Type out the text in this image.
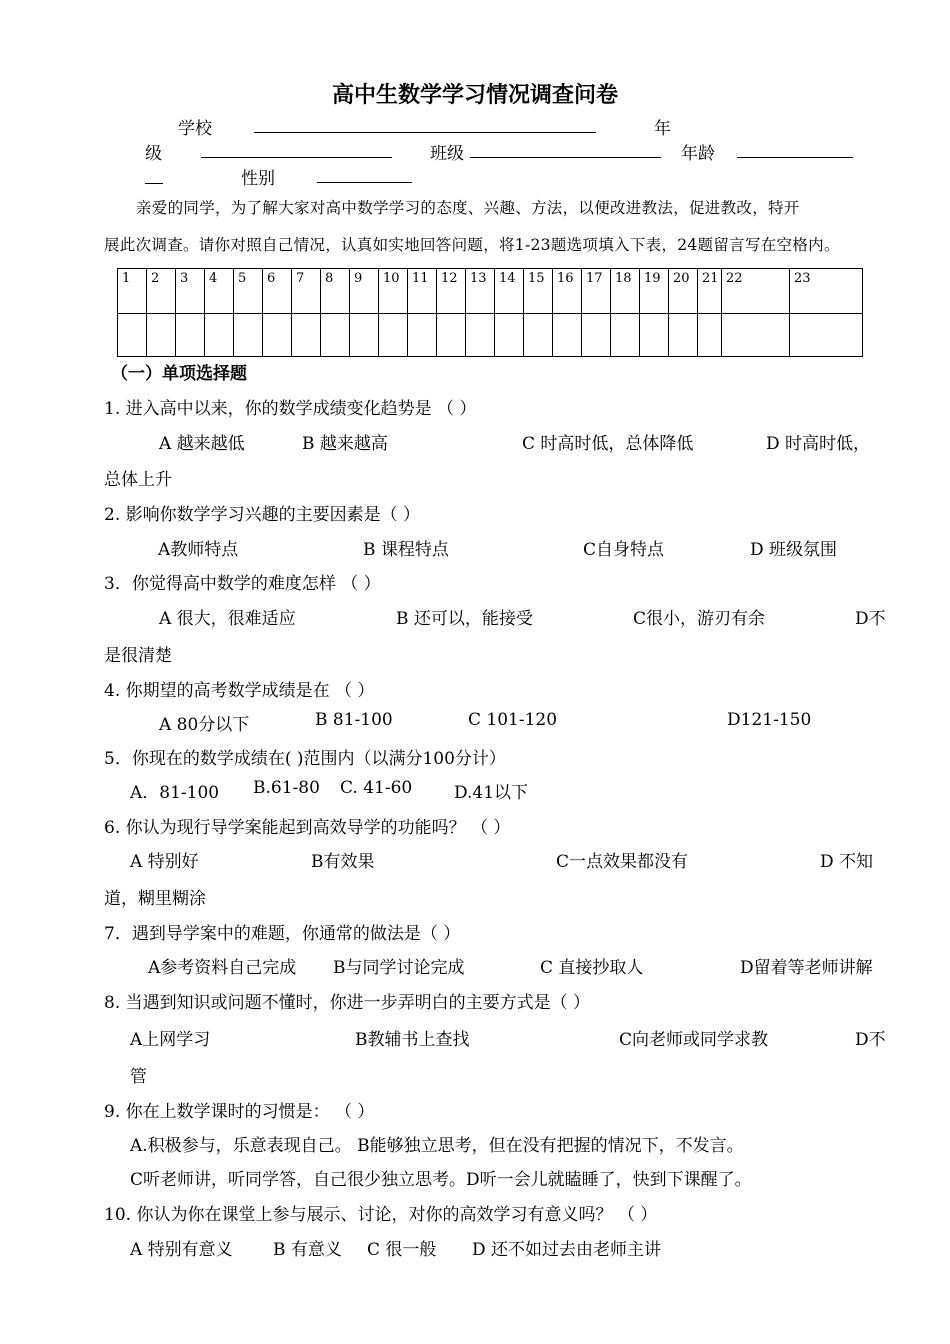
高中生数学学习情况调查问卷
学校	年
级	班级	年龄
性别
亲爱的同学，为了解大家对高中数学学习的态度、兴趣、方法，以便改进教法，促进教改，特开
展此次调查。请你对照自己情况，认真如实地回答问题，将1-23题选项填入下表，24题留言写在空格内。
1	2	3	4	5	6	7	8	9	10	11	12	13	14	15	16	17	18	19	20	21	22	23

（一）单项选择题
1. 进入高中以来，你的数学成绩变化趋势是 （ ）
A 越来越低	B 越来越高	C 时高时低，总体降低	D 时高时低，
总体上升
2. 影响你数学学习兴趣的主要因素是（ ）
A教师特点	B 课程特点	C自身特点	D 班级氛围
3．你觉得高中数学的难度怎样 （ ）
A 很大，很难适应	B 还可以，能接受	C很小，游刃有余	D不
是很清楚
4. 你期望的高考数学成绩是在 （ ）
A 80分以下	B 81-100	C 101-120	D121-150
5．你现在的数学成绩在( )范围内（以满分100分计）
A．81-100 B.61-80 C. 41-60 D.41以下
6. 你认为现行导学案能起到高效导学的功能吗？ （ ）
A 特别好	B有效果	C一点效果都没有	D 不知
道，糊里糊涂
7．遇到导学案中的难题，你通常的做法是（ ）
A参考资料自己完成 B与同学讨论完成	C 直接抄取人	D留着等老师讲解
8. 当遇到知识或问题不懂时，你进一步弄明白的主要方式是（ ）
A上网学习	B教辅书上查找	C向老师或同学求教	D不
管
9. 你在上数学课时的习惯是： （ ）
A.积极参与，乐意表现自己。 B能够独立思考，但在没有把握的情况下，不发言。
C听老师讲，听同学答，自己很少独立思考。D听一会儿就瞌睡了，快到下课醒了。
10. 你认为你在课堂上参与展示、讨论，对你的高效学习有意义吗？ （ ）
A 特别有意义 B 有意义 C 很一般 D 还不如过去由老师主讲
